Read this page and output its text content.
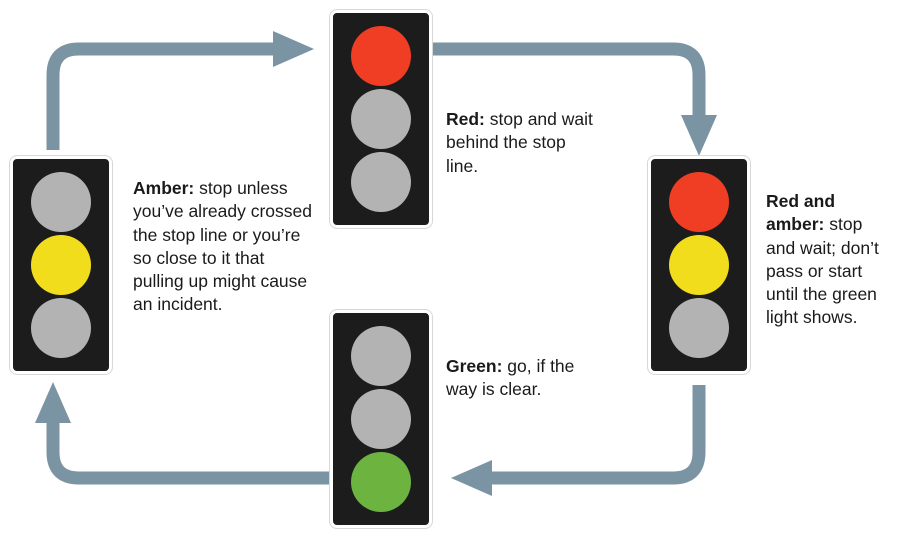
Red: stop and wait behind the stop line.
Red and amber: stop and wait; don’t pass or start until the green light shows.
Green: go, if the way is clear.
Amber: stop unless you’ve already crossed the stop line or you’re so close to it that pulling up might cause an incident.
